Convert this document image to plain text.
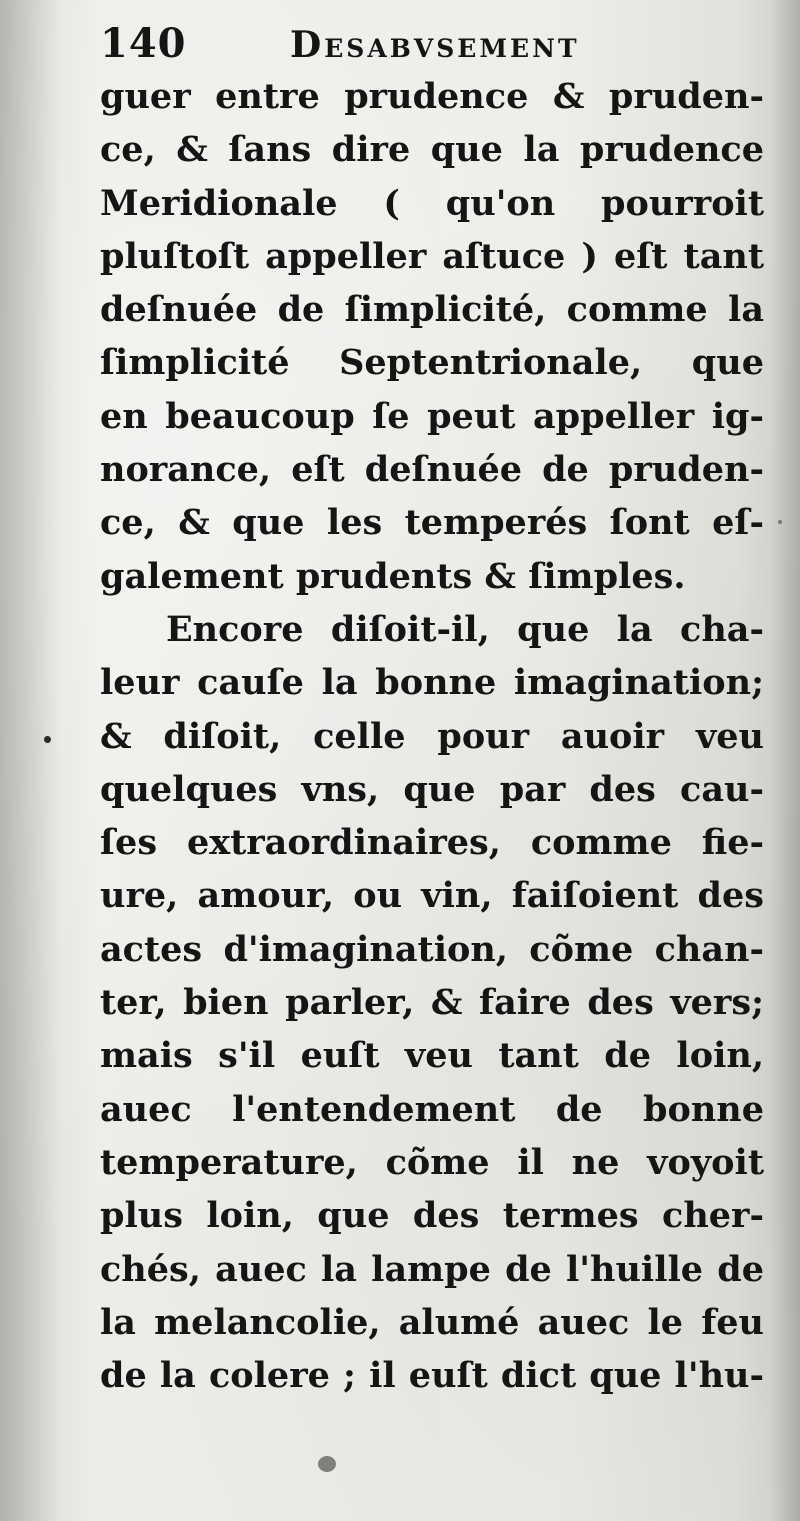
140	Desabvsement
guer entre prudence & pruden-
ce, & ſans dire que la prudence
Meridionale ( qu'on pourroit
pluſtoſt appeller aſtuce ) eſt tant
deſnuée de ſimplicité, comme la
ſimplicité Septentrionale, que
en beaucoup ſe peut appeller ig-
norance, eſt deſnuée de pruden-
ce, & que les temperés ſont eſ-
galement prudents & ſimples.
Encore diſoit-il, que la cha-
leur cauſe la bonne imagination;
& diſoit, celle pour auoir veu
quelques vns, que par des cau-
ſes extraordinaires, comme fie-
ure, amour, ou vin, faiſoient des
actes d'imagination, cõme chan-
ter, bien parler, & faire des vers;
mais s'il euſt veu tant de loin,
auec l'entendement de bonne
temperature, cõme il ne voyoit
plus loin, que des termes cher-
chés, auec la lampe de l'huille de
la melancolie, alumé auec le feu
de la colere ; il euſt dict que l'hu-
